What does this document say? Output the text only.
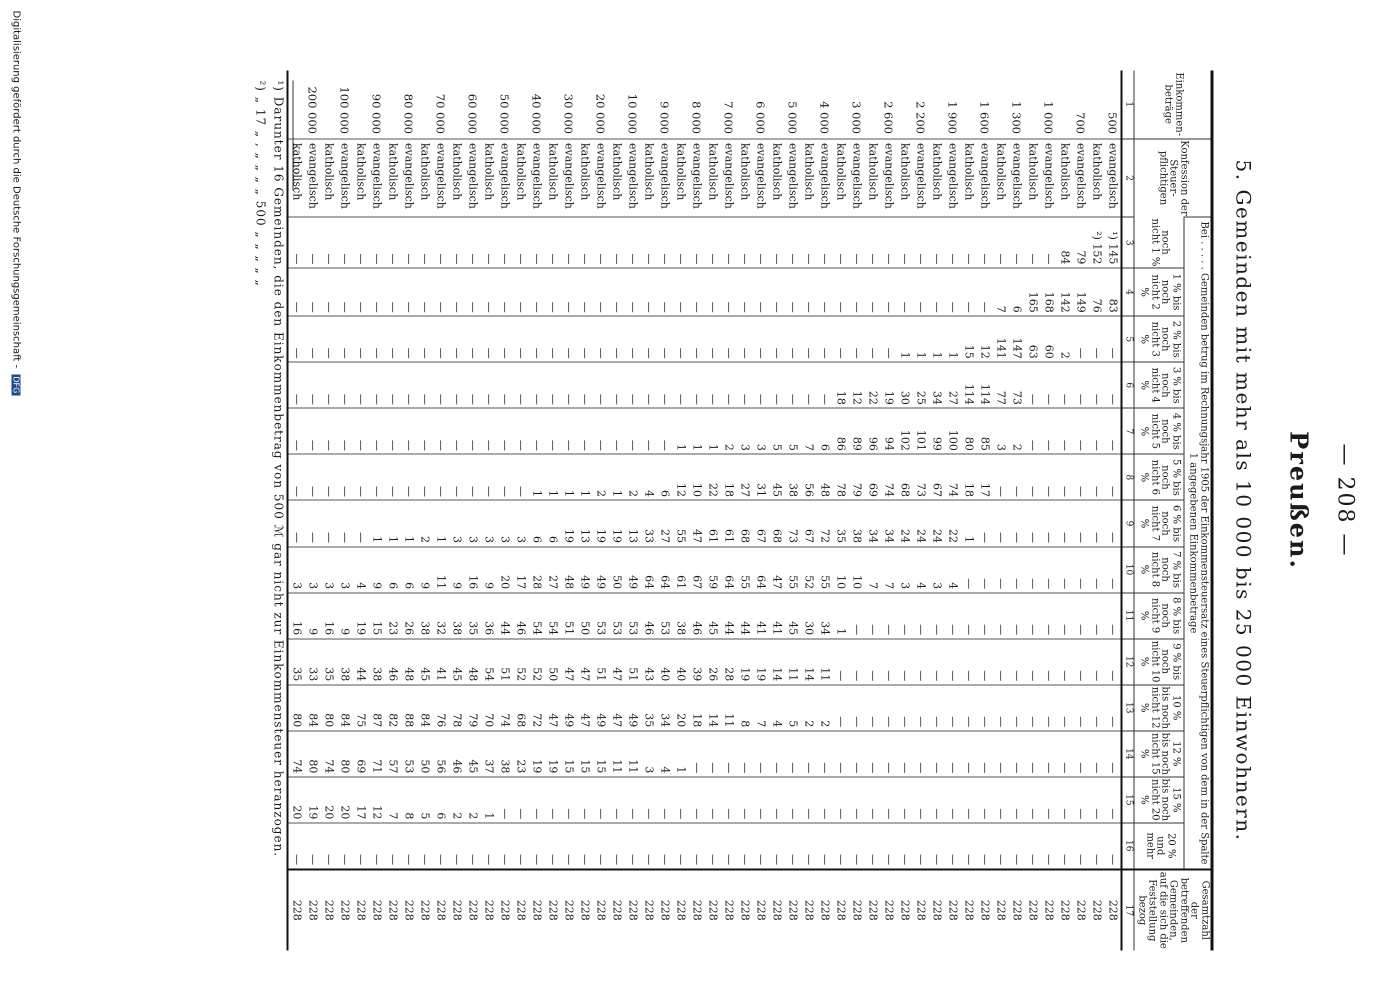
— 208 —
Preußen.
5. Gemeinden mit mehr als 10 000 bis 25 000 Einwohnern.
Einkommen-beträge	Konfession der Steuer-pflichtigen	Bei . . . . . Gemeinden betrug im Rechnungsjahr 1905 der Einkommensteuersatz eines Steuerpflichtigen von dem in der Spalte 1 angegebenen Einkommenbetrage														Gesamtzahl der betreffenden Gemeinden, auf die sich die Feststellung bezog
		noch nicht 1 %	1 % bis noch nicht 2 %	2 % bis noch nicht 3 %	3 % bis noch nicht 4 %	4 % bis noch nicht 5 %	5 % bis noch nicht 6 %	6 % bis noch nicht 7 %	7 % bis noch nicht 8 %	8 % bis noch nicht 9 %	9 % bis noch nicht 10 %	10 % bis noch nicht 12 %	12 % bis noch nicht 15 %	15 % bis noch nicht 20 %	20 % und mehr	
1	2	3	4	5	6	7	8	9	10	11	12	13	14	15	16	17
500	evangelisch	¹) 145	83	—	—	—	—	—	—	—	—	—	—	—	—	228
	katholisch	²) 152	76	—	—	—	—	—	—	—	—	—	—	—	—	228
700	evangelisch	79	149	—	—	—	—	—	—	—	—	—	—	—	—	228
	katholisch	84	142	2	—	—	—	—	—	—	—	—	—	—	—	228
1 000	evangelisch	—	168	60	—	—	—	—	—	—	—	—	—	—	—	228
	katholisch	—	165	63	—	—	—	—	—	—	—	—	—	—	—	228
1 300	evangelisch	—	6	147	73	2	—	—	—	—	—	—	—	—	—	228
	katholisch	—	7	141	77	3	—	—	—	—	—	—	—	—	—	228
1 600	evangelisch	—	—	12	114	85	17	—	—	—	—	—	—	—	—	228
	katholisch	—	—	15	114	80	18	1	—	—	—	—	—	—	—	228
1 900	evangelisch	—	—	1	27	100	74	22	4	—	—	—	—	—	—	228
	katholisch	—	—	1	34	99	67	24	3	—	—	—	—	—	—	228
2 200	evangelisch	—	—	1	25	101	73	24	4	—	—	—	—	—	—	228
	katholisch	—	—	1	30	102	68	24	3	—	—	—	—	—	—	228
2 600	evangelisch	—	—	—	19	94	74	34	7	—	—	—	—	—	—	228
	katholisch	—	—	—	22	96	69	34	7	—	—	—	—	—	—	228
3 000	evangelisch	—	—	—	12	89	79	38	10	—	—	—	—	—	—	228
	katholisch	—	—	—	18	86	78	35	10	1	—	—	—	—	—	228
4 000	evangelisch	—	—	—	—	6	48	72	55	34	11	2	—	—	—	228
	katholisch	—	—	—	—	7	56	67	52	30	14	2	—	—	—	228
5 000	evangelisch	—	—	—	—	5	38	73	55	45	11	5	—	—	—	228
	katholisch	—	—	—	—	5	45	68	47	41	14	4	—	—	—	228
6 000	evangelisch	—	—	—	—	3	31	67	64	41	19	7	—	—	—	228
	katholisch	—	—	—	—	3	27	68	55	44	19	8	—	—	—	228
7 000	evangelisch	—	—	—	—	2	18	61	64	44	28	11	—	—	—	228
	katholisch	—	—	—	—	1	22	61	59	45	26	14	—	—	—	228
8 000	evangelisch	—	—	—	—	1	10	47	67	46	39	18	—	—	—	228
	katholisch	—	—	—	—	1	12	55	61	38	40	20	1	—	—	228
9 000	evangelisch	—	—	—	—	—	6	27	64	53	40	34	4	—	—	228
	katholisch	—	—	—	—	—	4	33	64	46	43	35	3	—	—	228
10 000	evangelisch	—	—	—	—	—	2	13	49	53	51	49	11	—	—	228
	katholisch	—	—	—	—	—	1	19	50	53	47	47	11	—	—	228
20 000	evangelisch	—	—	—	—	—	2	19	49	53	51	49	15	—	—	228
	katholisch	—	—	—	—	—	1	13	49	50	47	47	15	—	—	228
30 000	evangelisch	—	—	—	—	—	1	19	48	51	47	49	15	—	—	228
	katholisch	—	—	—	—	—	1	6	27	54	50	47	19	—	—	228
40 000	evangelisch	—	—	—	—	—	1	6	28	54	52	72	19	—	—	228
	katholisch	—	—	—	—	—	—	3	17	46	52	68	23	—	—	228
50 000	evangelisch	—	—	—	—	—	—	3	20	44	51	74	38	—	—	228
	katholisch	—	—	—	—	—	—	3	9	36	54	70	37	1	—	228
60 000	evangelisch	—	—	—	—	—	—	3	16	35	48	79	45	2	—	228
	katholisch	—	—	—	—	—	—	3	9	38	45	78	46	2	—	228
70 000	evangelisch	—	—	—	—	—	—	1	11	32	41	76	56	6	—	228
	katholisch	—	—	—	—	—	—	2	9	38	45	84	50	5	—	228
80 000	evangelisch	—	—	—	—	—	—	1	6	26	48	88	53	8	—	228
	katholisch	—	—	—	—	—	—	1	6	23	46	82	57	7	—	228
90 000	evangelisch	—	—	—	—	—	—	1	9	15	38	87	71	12	—	228
	katholisch	—	—	—	—	—	—	—	4	19	44	75	69	17	—	228
100 000	evangelisch	—	—	—	—	—	—	—	3	9	38	84	80	20	—	228
	katholisch	—	—	—	—	—	—	—	3	16	35	80	74	20	—	228
200 000	evangelisch	—	—	—	—	—	—	—	3	9	33	84	80	19	—	228
	katholisch	—	—	—	—	—	—	—	3	16	35	80	74	20	—	228
¹) Darunter 16 Gemeinden, die den Einkommenbetrag von 500 ℳ gar nicht zur Einkommensteuer heranzogen.
²) „ 17 „ , „ „ „ „ 500 „ „ „ „ „
Digitalisierung gefördert durch die Deutsche Forschungsgemeinschaft - DFG
